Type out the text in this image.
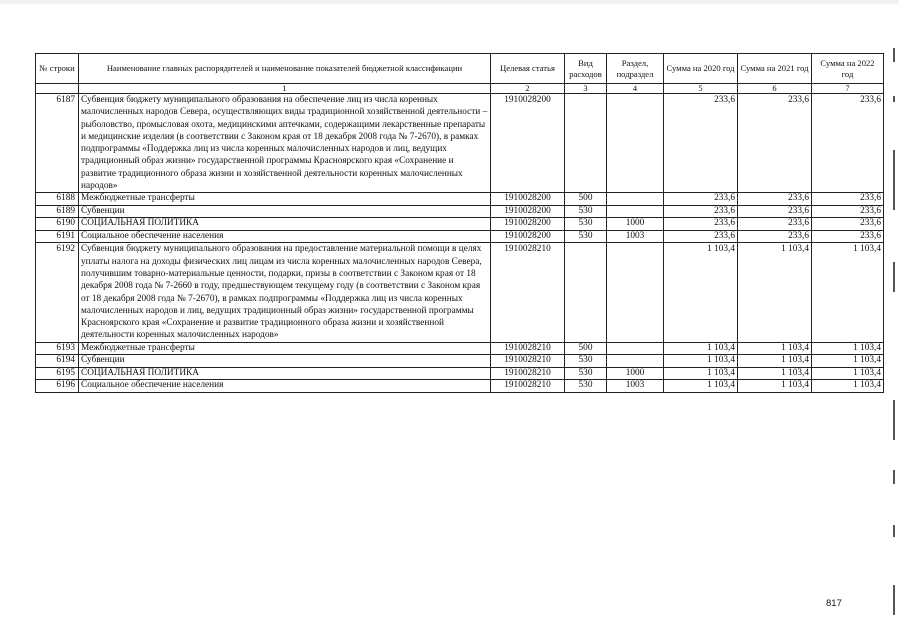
№ строки	Наименование главных распорядителей и наименование показателей бюджетной классификации	Целевая статья	Вид расходов	Раздел, подраздел	Сумма на 2020 год	Сумма на 2021 год	Сумма на 2022 год
	1	2	3	4	5	6	7
6187	Субвенция бюджету муниципального образования на обеспечение лиц из числа коренных малочисленных народов Севера, осуществляющих виды традиционной хозяйственной деятельности – рыболовство, промысловая охота, медицинскими аптечками, содержащими лекарственные препараты и медицинские изделия (в соответствии с Законом края от 18 декабря 2008 года № 7-2670), в рамках подпрограммы «Поддержка лиц из числа коренных малочисленных народов и лиц, ведущих традиционный образ жизни» государственной программы Красноярского края «Сохранение и развитие традиционного образа жизни и хозяйственной деятельности коренных малочисленных народов»	1910028200			233,6	233,6	233,6
6188	Межбюджетные трансферты	1910028200	500		233,6	233,6	233,6
6189	Субвенции	1910028200	530		233,6	233,6	233,6
6190	СОЦИАЛЬНАЯ ПОЛИТИКА	1910028200	530	1000	233,6	233,6	233,6
6191	Социальное обеспечение населения	1910028200	530	1003	233,6	233,6	233,6
6192	Субвенция бюджету муниципального образования на предоставление материальной помощи в целях уплаты налога на доходы физических лиц лицам из числа коренных малочисленных народов Севера, получившим товарно-материальные ценности, подарки, призы в соответствии с Законом края от 18 декабря 2008 года № 7-2660 в году, предшествующем текущему году (в соответствии с Законом края от 18 декабря 2008 года № 7-2670), в рамках подпрограммы «Поддержка лиц из числа коренных малочисленных народов и лиц, ведущих традиционный образ жизни» государственной программы Красноярского края «Сохранение и развитие традиционного образа жизни и хозяйственной деятельности коренных малочисленных народов»	1910028210			1 103,4	1 103,4	1 103,4
6193	Межбюджетные трансферты	1910028210	500		1 103,4	1 103,4	1 103,4
6194	Субвенции	1910028210	530		1 103,4	1 103,4	1 103,4
6195	СОЦИАЛЬНАЯ ПОЛИТИКА	1910028210	530	1000	1 103,4	1 103,4	1 103,4
6196	Социальное обеспечение населения	1910028210	530	1003	1 103,4	1 103,4	1 103,4
817
